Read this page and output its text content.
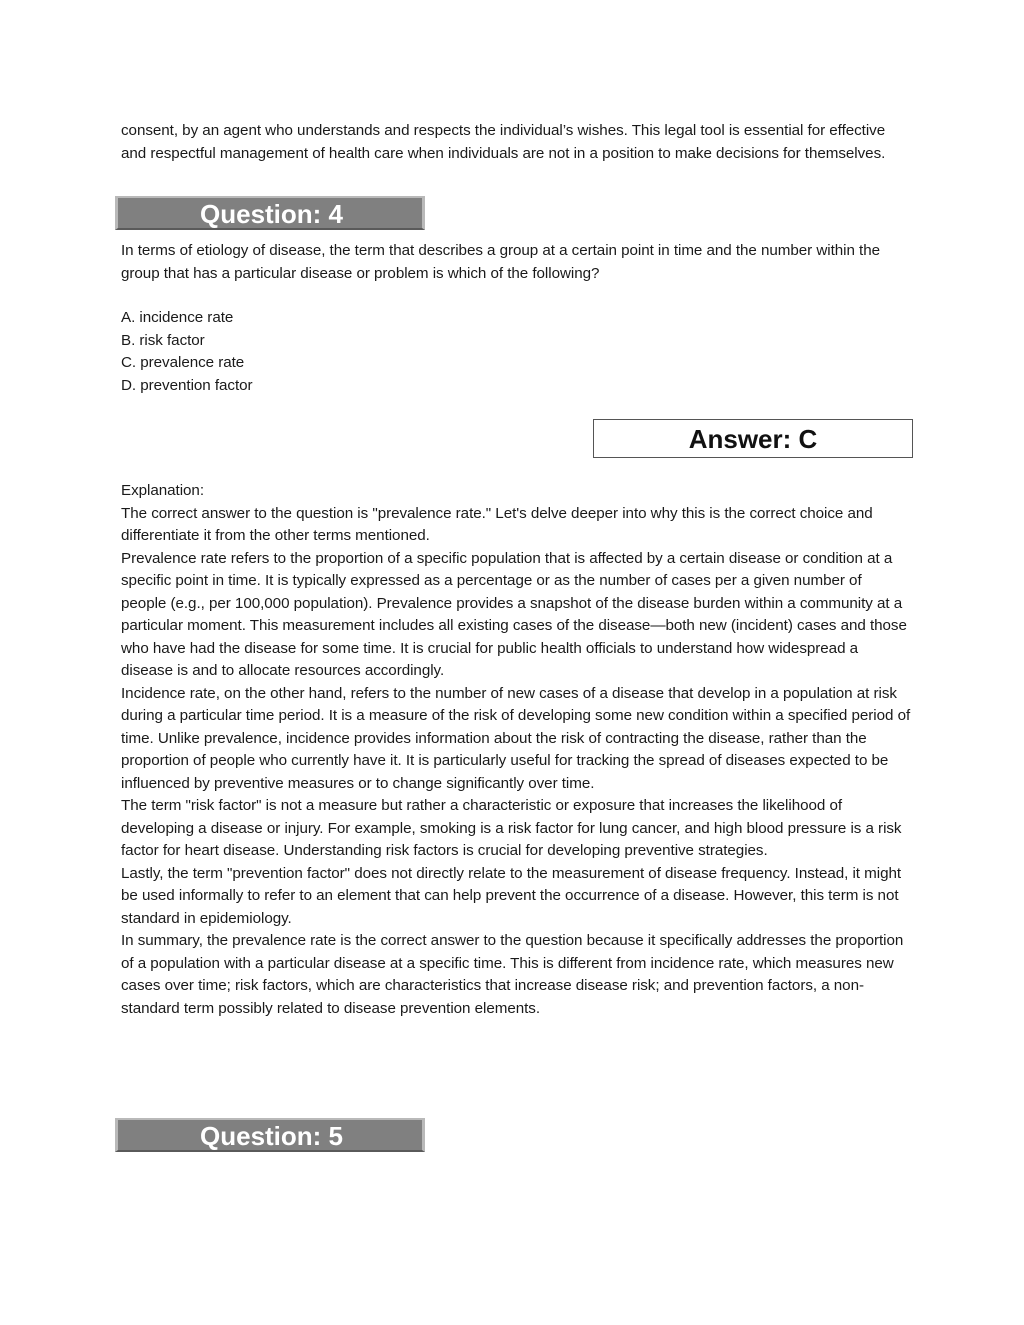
consent, by an agent who understands and respects the individual’s wishes. This legal tool is essential for effective and respectful management of health care when individuals are not in a position to make decisions for themselves.

Question: 4

In terms of etiology of disease, the term that describes a group at a certain point in time and the number within the group that has a particular disease or problem is which of the following?

A. incidence rate

B. risk factor

C. prevalence rate

D. prevention factor

Answer: C

Explanation:

The correct answer to the question is "prevalence rate." Let's delve deeper into why this is the correct choice and differentiate it from the other terms mentioned.

Prevalence rate refers to the proportion of a specific population that is affected by a certain disease or condition at a specific point in time. It is typically expressed as a percentage or as the number of cases per a given number of people (e.g., per 100,000 population). Prevalence provides a snapshot of the disease burden within a community at a particular moment. This measurement includes all existing cases of the disease—both new (incident) cases and those who have had the disease for some time. It is crucial for public health officials to understand how widespread a disease is and to allocate resources accordingly.

Incidence rate, on the other hand, refers to the number of new cases of a disease that develop in a population at risk during a particular time period. It is a measure of the risk of developing some new condition within a specified period of time. Unlike prevalence, incidence provides information about the risk of contracting the disease, rather than the proportion of people who currently have it. It is particularly useful for tracking the spread of diseases expected to be influenced by preventive measures or to change significantly over time.

The term "risk factor" is not a measure but rather a characteristic or exposure that increases the likelihood of developing a disease or injury. For example, smoking is a risk factor for lung cancer, and high blood pressure is a risk factor for heart disease. Understanding risk factors is crucial for developing preventive strategies.

Lastly, the term "prevention factor" does not directly relate to the measurement of disease frequency. Instead, it might be used informally to refer to an element that can help prevent the occurrence of a disease. However, this term is not standard in epidemiology.

In summary, the prevalence rate is the correct answer to the question because it specifically addresses the proportion of a population with a particular disease at a specific time. This is different from incidence rate, which measures new cases over time; risk factors, which are characteristics that increase disease risk; and prevention factors, a non-standard term possibly related to disease prevention elements.

Question: 5
